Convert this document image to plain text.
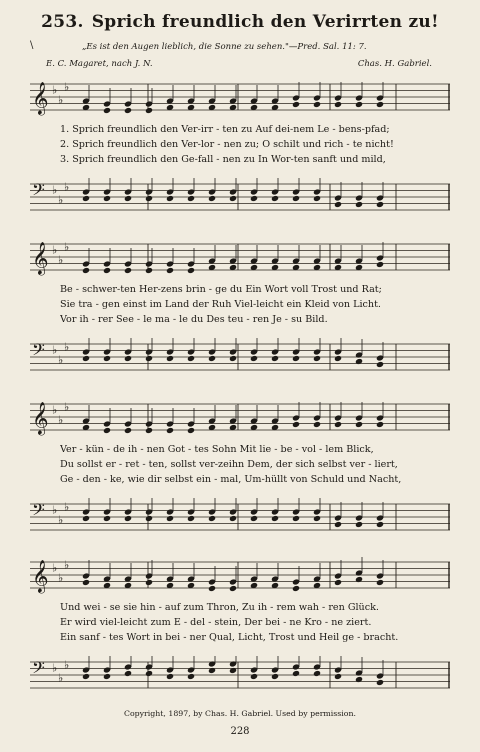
253. Sprich freundlich den Verirrten zu!
\	„Es ist den Augen lieblich, die Sonne zu sehen."—Pred. Sal. 11: 7.
E. C. Magaret, nach J. N.	Chas. H. Gabriel.
𝄞 ♭
♭
♭
1. Sprich freundlich den Ver-irr - ten zu Auf dei-nem Le - bens-pfad;
2. Sprich freundlich den Ver-lor - nen zu; O schilt und rich - te nicht!
3. Sprich freundlich den Ge-fall - nen zu In Wor-ten sanft und mild,
𝄢 ♭
♭
♭
𝄞 ♭
♭
♭
Be - schwer-ten Her-zens brin - ge du Ein Wort voll Trost und Rat;
Sie tra - gen einst im Land der Ruh Viel-leicht ein Kleid von Licht.
Vor ih - rer See - le ma - le du Des teu - ren Je - su Bild.
𝄢 ♭
♭
♭
𝄞 ♭
♭
♭
Ver - kün - de ih - nen Got - tes Sohn Mit lie - be - vol - lem Blick,
Du sollst er - ret - ten, sollst ver-zeihn Dem, der sich selbst ver - liert,
Ge - den - ke, wie dir selbst ein - mal, Um-hüllt von Schuld und Nacht,
𝄢 ♭
♭
♭
𝄞 ♭
♭
♭
Und wei - se sie hin - auf zum Thron, Zu ih - rem wah - ren Glück.
Er wird viel-leicht zum E - del - stein, Der bei - ne Kro - ne ziert.
Ein sanf - tes Wort in bei - ner Qual, Licht, Trost und Heil ge - bracht.
𝄢 ♭
♭
♭
Copyright, 1897, by Chas. H. Gabriel. Used by permission.
228
